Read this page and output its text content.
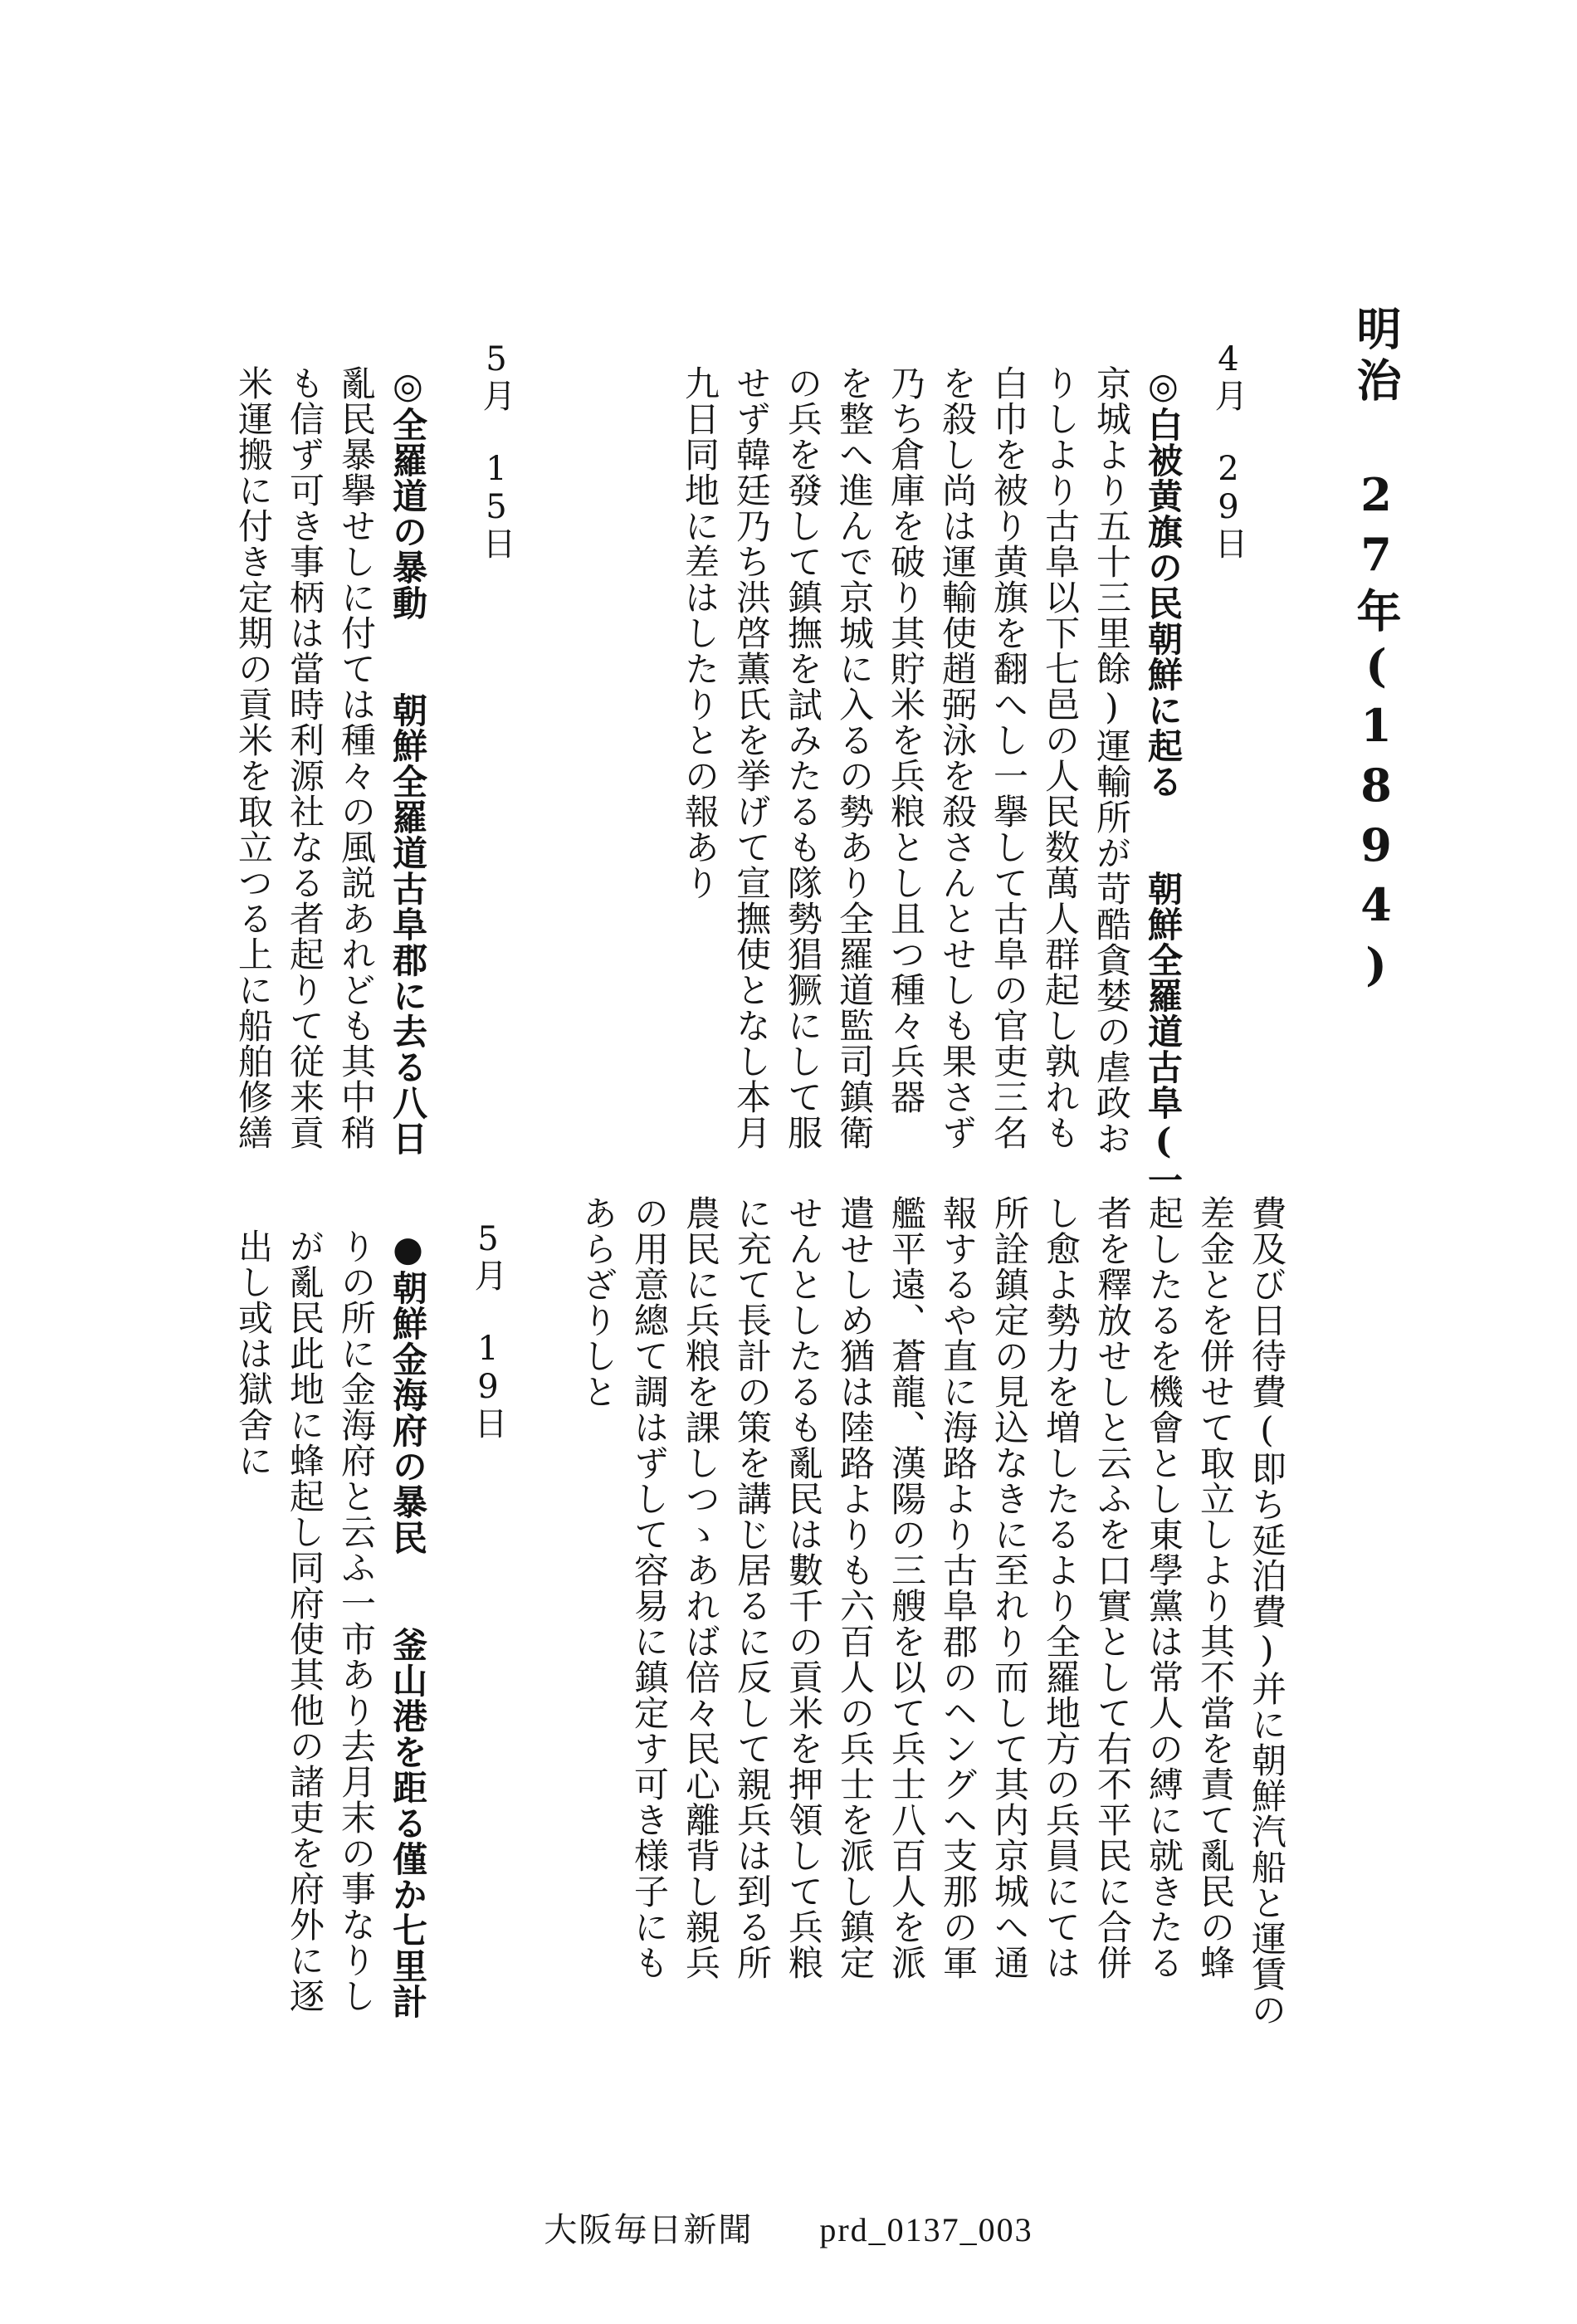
明治 27年(1894)
4月 29日
◎白被黄旗の民朝鮮に起る　　朝鮮全羅道古阜(一
京城より五十三里餘)運輸所が苛酷貪婪の虐政お
りしより古阜以下七邑の人民数萬人群起し孰れも
白巾を被り黄旗を翻へし一擧して古阜の官吏三名
を殺し尚は運輸使趙弼泳を殺さんとせしも果さず
乃ち倉庫を破り其貯米を兵粮とし且つ種々兵器
を整へ進んで京城に入るの勢あり全羅道監司鎮衛
の兵を發して鎮撫を試みたるも隊勢猖獗にして服
せず韓廷乃ち洪啓薫氏を挙げて宣撫使となし本月
九日同地に差はしたりとの報あり
5月 15日
◎全羅道の暴動　　朝鮮全羅道古阜郡に去る八日
亂民暴擧せしに付ては種々の風説あれども其中稍
も信ず可き事柄は當時利源社なる者起りて従来貢
米運搬に付き定期の貢米を取立つる上に船舶修繕
費及び日待費(即ち延泊費)并に朝鮮汽船と運賃の
差金とを併せて取立しより其不當を責て亂民の蜂
起したるを機會とし東學黨は常人の縛に就きたる
者を釋放せしと云ふを口實として右不平民に合併
し愈よ勢力を増したるより全羅地方の兵員にては
所詮鎮定の見込なきに至れり而して其内京城へ通
報するや直に海路より古阜郡のヘングへ支那の軍
艦平遠、蒼龍、漢陽の三艘を以て兵士八百人を派
遣せしめ猶は陸路よりも六百人の兵士を派し鎮定
せんとしたるも亂民は數千の貢米を押領して兵粮
に充て長計の策を講じ居るに反して親兵は到る所
農民に兵粮を課しつゝあれば倍々民心離背し親兵
の用意總て調はずして容易に鎮定す可き様子にも
あらざりしと
5月 19日
●朝鮮金海府の暴民　　釜山港を距る僅か七里計
りの所に金海府と云ふ一市あり去月末の事なりし
が亂民此地に蜂起し同府使其他の諸吏を府外に逐
出し或は獄舍に
大阪毎日新聞 prd_0137_003
